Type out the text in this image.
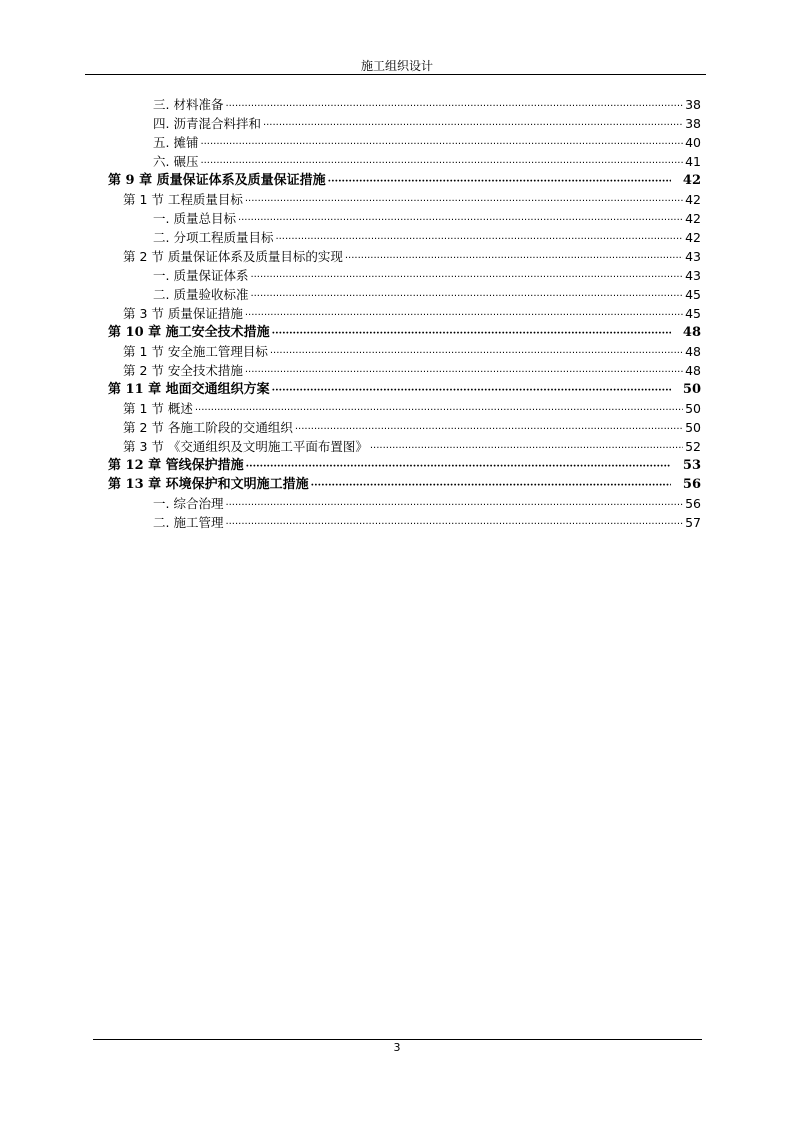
施工组织设计
三. 材料准备 ·····	38
四. 沥青混合料拌和 ·····	38
五. 摊铺 ·····	40
六. 碾压 ·····	41
第 9 章 质量保证体系及质量保证措施 ·····	42
第 1 节 工程质量目标 ·····	42
一. 质量总目标 ·····	42
二. 分项工程质量目标 ·····	42
第 2 节 质量保证体系及质量目标的实现 ·····	43
一. 质量保证体系 ·····	43
二. 质量验收标准 ·····	45
第 3 节 质量保证措施 ·····	45
第 10 章 施工安全技术措施 ·····	48
第 1 节 安全施工管理目标 ·····	48
第 2 节 安全技术措施 ·····	48
第 11 章 地面交通组织方案 ·····	50
第 1 节 概述 ·····	50
第 2 节 各施工阶段的交通组织 ·····	50
第 3 节 《交通组织及文明施工平面布置图》 ·····	52
第 12 章 管线保护措施 ·····	53
第 13 章 环境保护和文明施工措施 ·····	56
一. 综合治理 ·····	56
二. 施工管理 ·····	57
3
